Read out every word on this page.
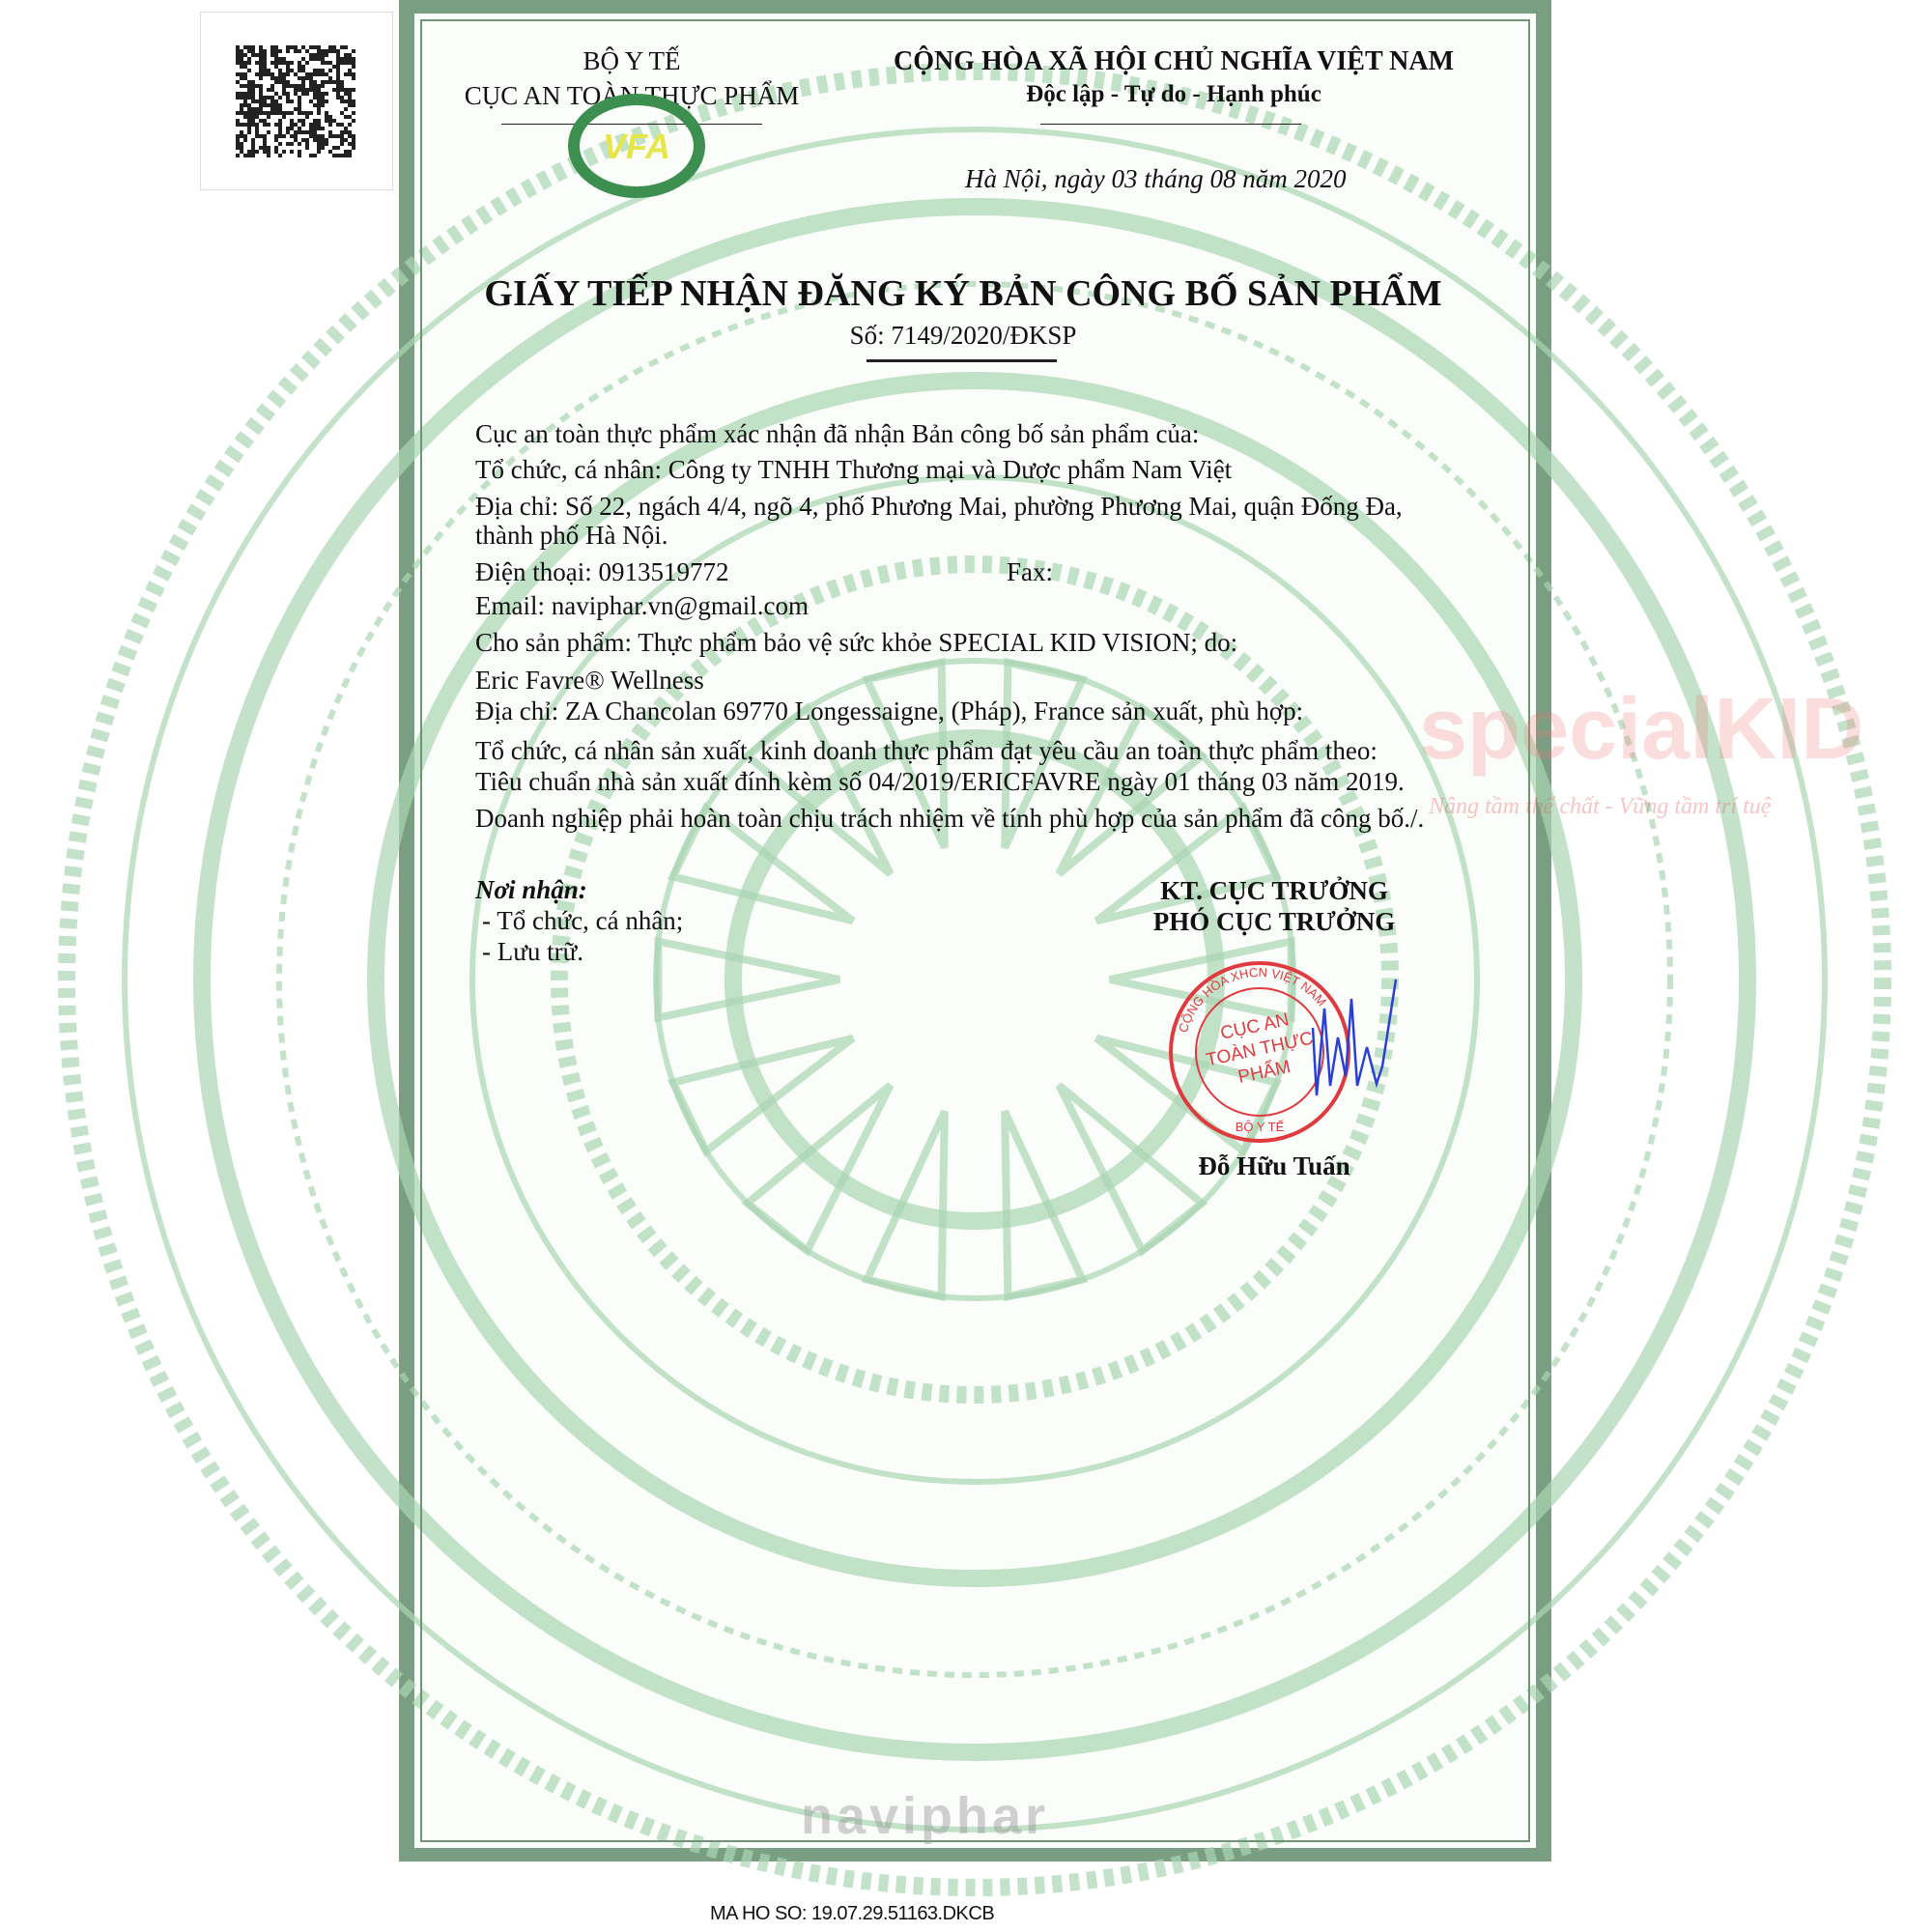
specialKID
Nâng tầm thể chất - Vững tầm trí tuệ
naviphar
BỘ Y TẾ
CỤC AN TOÀN THỰC PHẨM
VFA
CỘNG HÒA XÃ HỘI CHỦ NGHĨA VIỆT NAM
Độc lập - Tự do - Hạnh phúc
Hà Nội, ngày 03 tháng 08 năm 2020
GIẤY TIẾP NHẬN ĐĂNG KÝ BẢN CÔNG BỐ SẢN PHẨM
Số: 7149/2020/ĐKSP
Cục an toàn thực phẩm xác nhận đã nhận Bản công bố sản phẩm của:
Tổ chức, cá nhân: Công ty TNHH Thương mại và Dược phẩm Nam Việt
Địa chỉ: Số 22, ngách 4/4, ngõ 4, phố Phương Mai, phường Phương Mai, quận Đống Đa,
thành phố Hà Nội.
Điện thoại: 0913519772	Fax:
Email: naviphar.vn@gmail.com
Cho sản phẩm: Thực phẩm bảo vệ sức khỏe SPECIAL KID VISION; do:
Eric Favre® Wellness
Địa chỉ: ZA Chancolan 69770 Longessaigne, (Pháp), France sản xuất, phù hợp:
Tổ chức, cá nhân sản xuất, kinh doanh thực phẩm đạt yêu cầu an toàn thực phẩm theo:
Tiêu chuẩn nhà sản xuất đính kèm số 04/2019/ERICFAVRE ngày 01 tháng 03 năm 2019.
Doanh nghiệp phải hoàn toàn chịu trách nhiệm về tính phù hợp của sản phẩm đã công bố./.
Nơi nhận:
- Tổ chức, cá nhân;
- Lưu trữ.
KT. CỤC TRƯỞNG
PHÓ CỤC TRƯỞNG
CỘNG HÒA XHCN VIỆT NAM
BỘ Y TẾ
CỤC AN TOÀN THỰC PHẨM
Đỗ Hữu Tuấn
MA HO SO: 19.07.29.51163.DKCB
